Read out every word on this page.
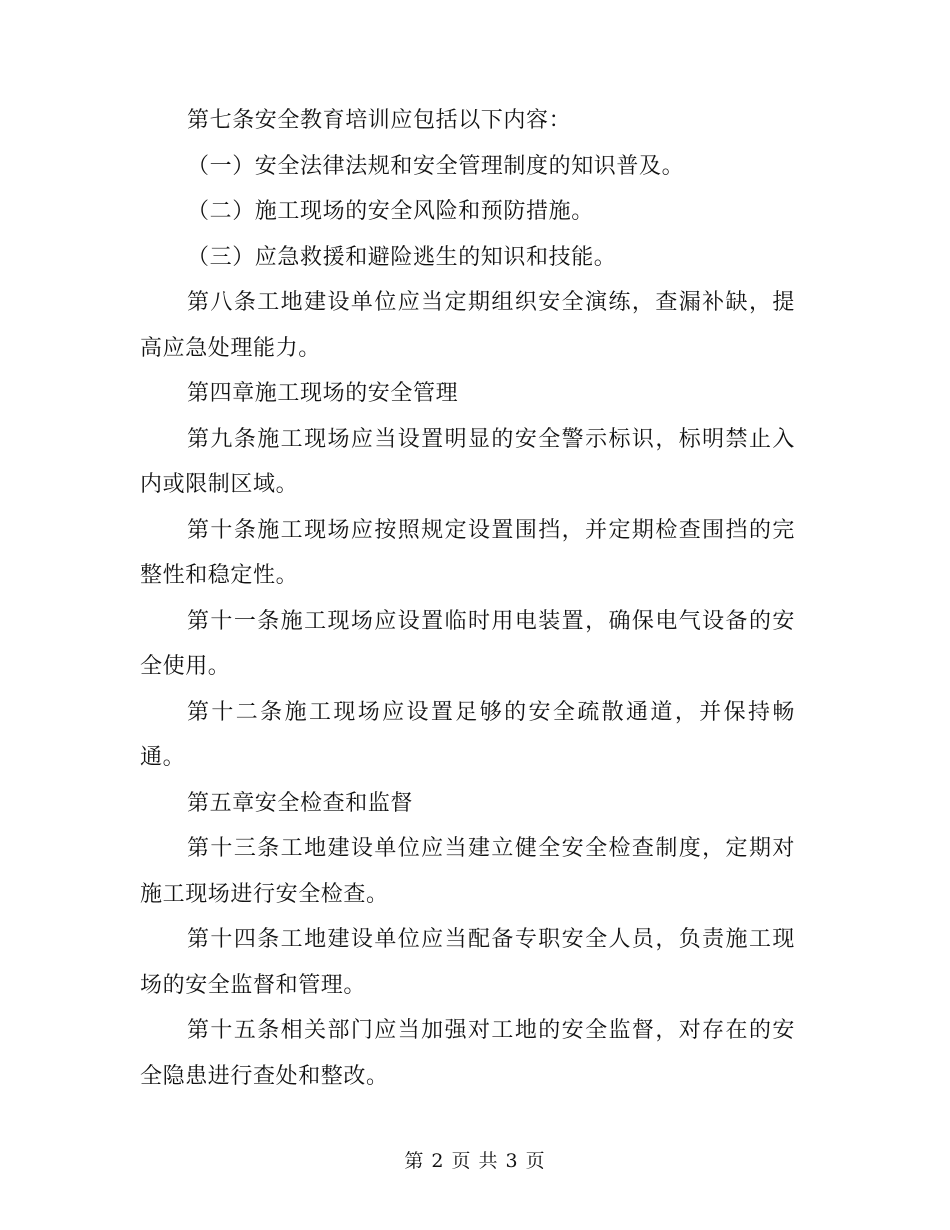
第七条安全教育培训应包括以下内容：

（一）安全法律法规和安全管理制度的知识普及。

（二）施工现场的安全风险和预防措施。

（三）应急救援和避险逃生的知识和技能。

第八条工地建设单位应当定期组织安全演练，查漏补缺，提高应急处理能力。

第四章施工现场的安全管理

第九条施工现场应当设置明显的安全警示标识，标明禁止入内或限制区域。

第十条施工现场应按照规定设置围挡，并定期检查围挡的完整性和稳定性。

第十一条施工现场应设置临时用电装置，确保电气设备的安全使用。

第十二条施工现场应设置足够的安全疏散通道，并保持畅通。

第五章安全检查和监督

第十三条工地建设单位应当建立健全安全检查制度，定期对施工现场进行安全检查。

第十四条工地建设单位应当配备专职安全人员，负责施工现场的安全监督和管理。

第十五条相关部门应当加强对工地的安全监督，对存在的安全隐患进行查处和整改。

第 2 页 共 3 页
